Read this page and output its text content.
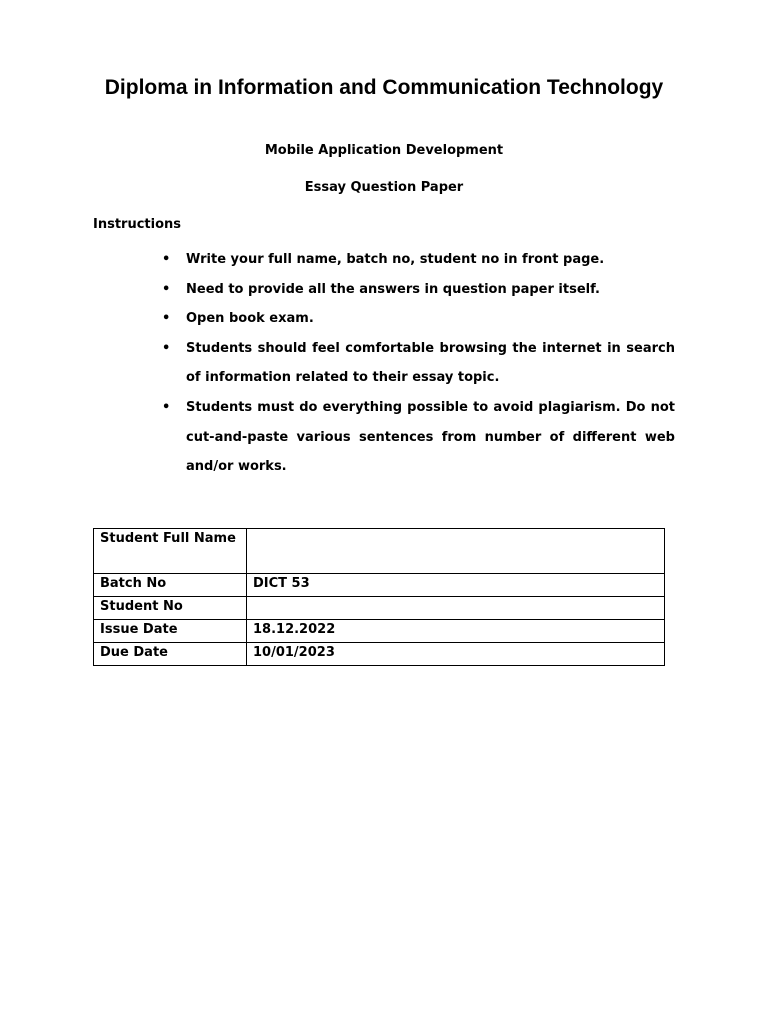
Diploma in Information and Communication Technology
Mobile Application Development
Essay Question Paper
Instructions
• Write your full name, batch no, student no in front page.
• Need to provide all the answers in question paper itself.
• Open book exam.
• Students should feel comfortable browsing the internet in search of information related to their essay topic.
• Students must do everything possible to avoid plagiarism. Do not cut-and-paste various sentences from number of different web and/or works.
Student Full Name	
Batch No	DICT 53
Student No	
Issue Date	18.12.2022
Due Date	10/01/2023
